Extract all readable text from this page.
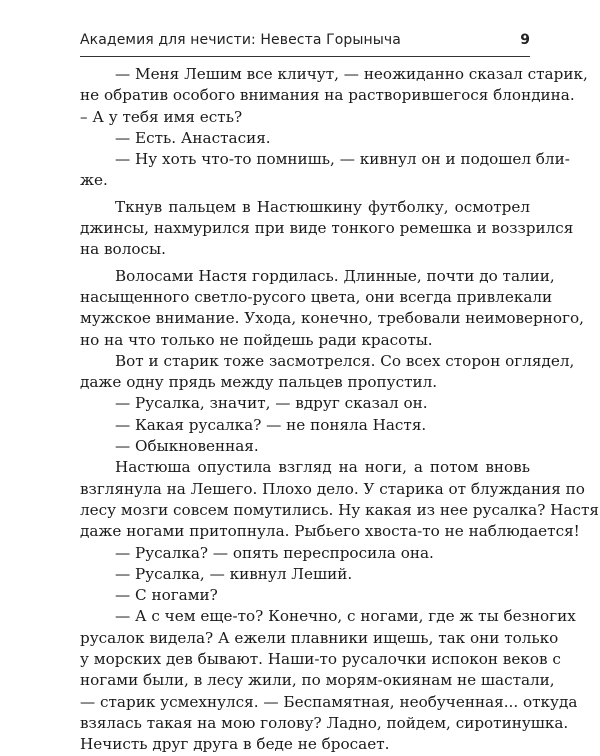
Академия для нечисти: Невеста Горыныча	9
— Меня Лешим все кличут, — неожиданно сказал старик,
не обратив особого внимания на растворившегося блондина.
– А у тебя имя есть?
— Есть. Анастасия.
— Ну хоть что-то помнишь, — кивнул он и подошел бли-
же.
Ткнув пальцем в Настюшкину футболку, осмотрел
джинсы, нахмурился при виде тонкого ремешка и воззрился
на волосы.
Волосами Настя гордилась. Длинные, почти до талии,
насыщенного светло-русого цвета, они всегда привлекали
мужское внимание. Ухода, конечно, требовали неимоверного,
но на что только не пойдешь ради красоты.
Вот и старик тоже засмотрелся. Со всех сторон оглядел,
даже одну прядь между пальцев пропустил.
— Русалка, значит, — вдруг сказал он.
— Какая русалка? — не поняла Настя.
— Обыкновенная.
Настюша опустила взгляд на ноги, а потом вновь
взглянула на Лешего. Плохо дело. У старика от блуждания по
лесу мозги совсем помутились. Ну какая из нее русалка? Настя
даже ногами притопнула. Рыбьего хвоста-то не наблюдается!
— Русалка? — опять переспросила она.
— Русалка, — кивнул Леший.
— С ногами?
— А с чем еще-то? Конечно, с ногами, где ж ты безногих
русалок видела? А ежели плавники ищешь, так они только
у морских дев бывают. Наши-то русалочки испокон веков с
ногами были, в лесу жили, по морям-окиянам не шастали,
— старик усмехнулся. — Беспамятная, необученная... откуда
взялась такая на мою голову? Ладно, пойдем, сиротинушка.
Нечисть друг друга в беде не бросает.
